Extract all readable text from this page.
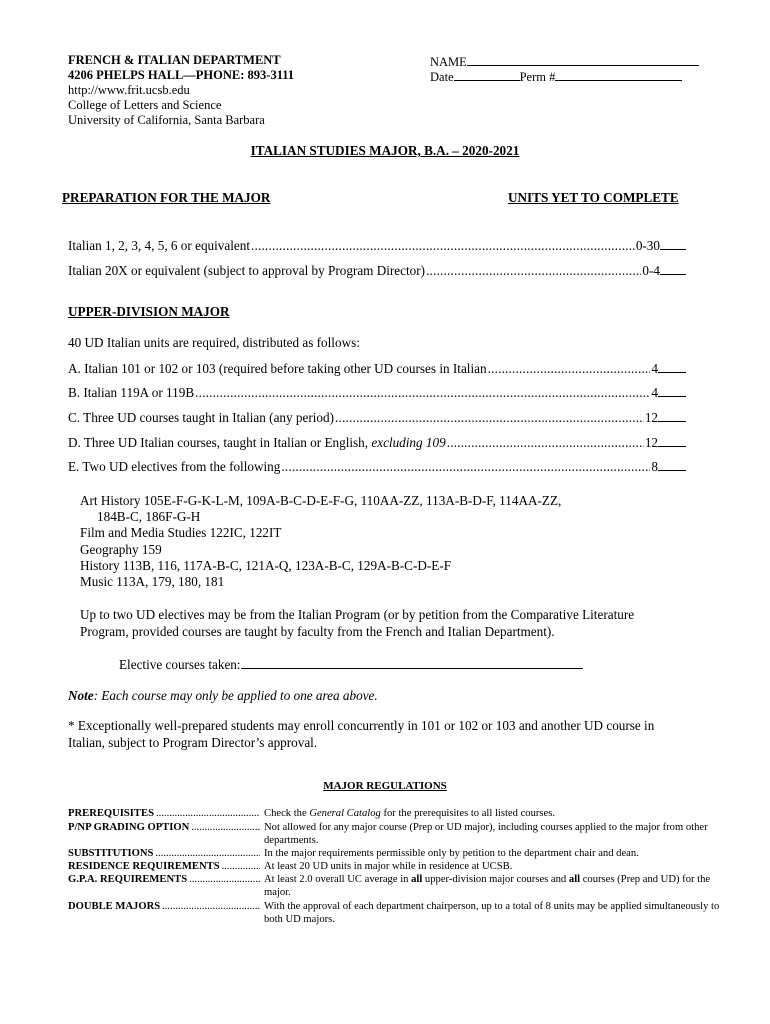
FRENCH & ITALIAN DEPARTMENT
4206 PHELPS HALL—PHONE: 893-3111
http://www.frit.ucsb.edu
College of Letters and Science
University of California, Santa Barbara
NAME
Date	Perm #
ITALIAN STUDIES MAJOR, B.A. – 2020-2021
PREPARATION FOR THE MAJOR	UNITS YET TO COMPLETE
Italian 1, 2, 3, 4, 5, 6 or equivalent .....	0-30
Italian 20X or equivalent (subject to approval by Program Director) .....	0-4
UPPER-DIVISION MAJOR
40 UD Italian units are required, distributed as follows:
A. Italian 101 or 102 or 103 (required before taking other UD courses in Italian .....	4
B. Italian 119A or 119B .....	4
C. Three UD courses taught in Italian (any period) .....	12
D. Three UD Italian courses, taught in Italian or English, excluding 109 .....	12
E. Two UD electives from the following .....	8
Art History 105E-F-G-K-L-M, 109A-B-C-D-E-F-G, 110AA-ZZ, 113A-B-D-F, 114AA-ZZ,
184B-C, 186F-G-H
Film and Media Studies 122IC, 122IT
Geography 159
History 113B, 116, 117A-B-C, 121A-Q, 123A-B-C, 129A-B-C-D-E-F
Music 113A, 179, 180, 181
Up to two UD electives may be from the Italian Program (or by petition from the Comparative Literature
Program, provided courses are taught by faculty from the French and Italian Department).
Elective courses taken:
Note: Each course may only be applied to one area above.
* Exceptionally well-prepared students may enroll concurrently in 101 or 102 or 103 and another UD course in
Italian, subject to Program Director’s approval.
MAJOR REGULATIONS
PREREQUISITES .....	Check the General Catalog for the prerequisites to all listed courses.
P/NP GRADING OPTION .....	Not allowed for any major course (Prep or UD major), including courses applied to the major from other departments.
SUBSTITUTIONS .....	In the major requirements permissible only by petition to the department chair and dean.
RESIDENCE REQUIREMENTS .....	At least 20 UD units in major while in residence at UCSB.
G.P.A. REQUIREMENTS .....	At least 2.0 overall UC average in all upper-division major courses and all courses (Prep and UD) for the major.
DOUBLE MAJORS .....	With the approval of each department chairperson, up to a total of 8 units may be applied simultaneously to both UD majors.
